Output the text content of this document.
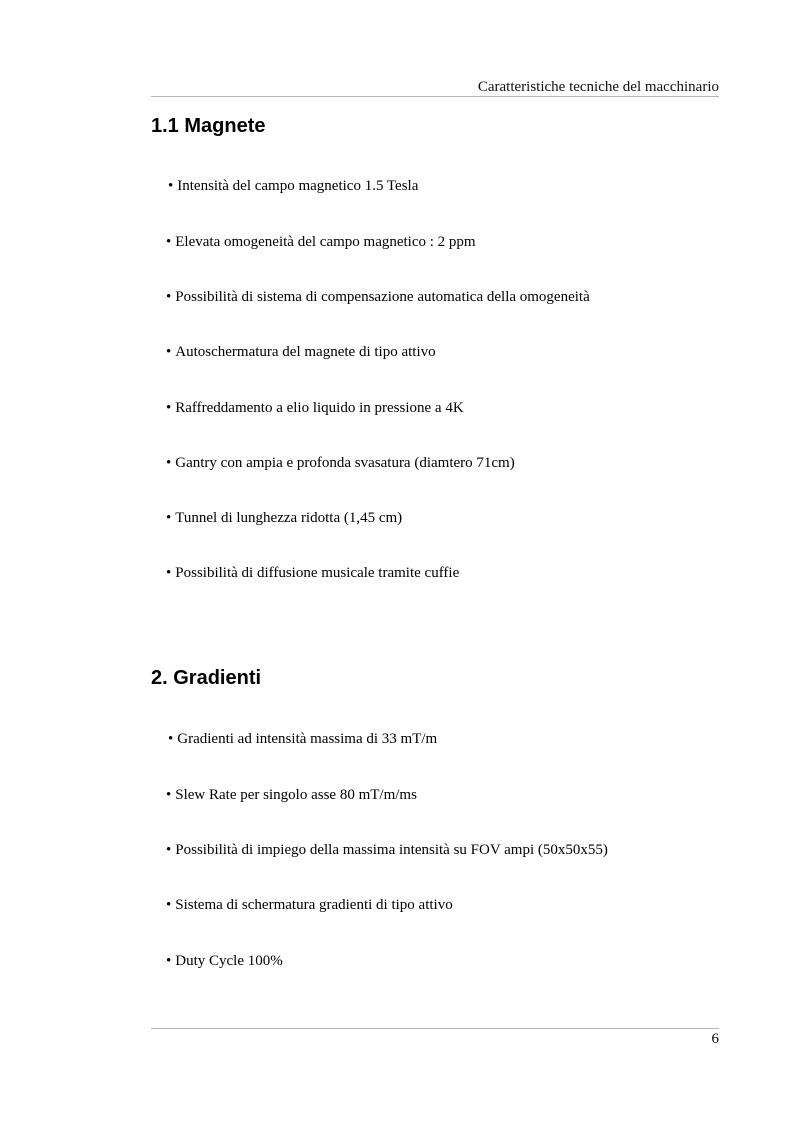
Caratteristiche tecniche del macchinario
1.1 Magnete

• Intensità del campo magnetico 1.5 Tesla

• Elevata omogeneità del campo magnetico : 2 ppm

• Possibilità di sistema di compensazione automatica della omogeneità

• Autoschermatura del magnete di tipo attivo

• Raffreddamento a elio liquido in pressione a 4K

• Gantry con ampia e profonda svasatura (diamtero 71cm)

• Tunnel di lunghezza ridotta (1,45 cm)

• Possibilità di diffusione musicale tramite cuffie

2. Gradienti

• Gradienti ad intensità massima di 33 mT/m

• Slew Rate per singolo asse 80 mT/m/ms

• Possibilità di impiego della massima intensità su FOV ampi (50x50x55)

• Sistema di schermatura gradienti di tipo attivo

• Duty Cycle 100%

6
